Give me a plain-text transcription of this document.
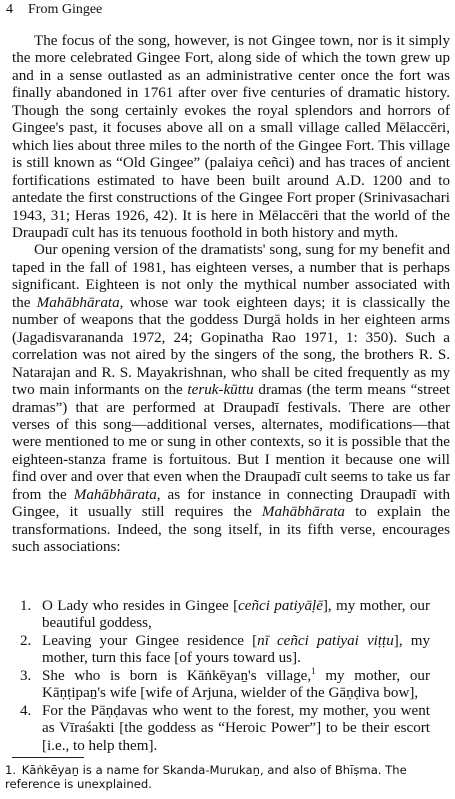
4 From Gingee

The focus of the song, however, is not Gingee town, nor is it simply the more celebrated Gingee Fort, along side of which the town grew up and in a sense outlasted as an administrative center once the fort was finally abandoned in 1761 after over five centuries of dramatic history. Though the song certainly evokes the royal splendors and horrors of Gingee's past, it focuses above all on a small village called Mēlaccēri, which lies about three miles to the north of the Gingee Fort. This village is still known as “Old Gingee” (palaiya ceñci) and has traces of ancient fortifications estimated to have been built around A.D. 1200 and to antedate the first constructions of the Gingee Fort proper (Srinivasachari 1943, 31; Heras 1926, 42). It is here in Mēlaccēri that the world of the Draupadī cult has its tenuous foothold in both history and myth.

Our opening version of the dramatists' song, sung for my benefit and taped in the fall of 1981, has eighteen verses, a number that is perhaps significant. Eighteen is not only the mythical number associated with the Mahābhārata, whose war took eighteen days; it is classically the number of weapons that the goddess Durgā holds in her eighteen arms (Jagadisvarananda 1972, 24; Gopinatha Rao 1971, 1: 350). Such a correlation was not aired by the singers of the song, the brothers R. S. Natarajan and R. S. Mayakrishnan, who shall be cited frequently as my two main informants on the teruk-kūttu dramas (the term means “street dramas”) that are performed at Draupadī festivals. There are other verses of this song—additional verses, alternates, modifications—that were mentioned to me or sung in other contexts, so it is possible that the eighteen-stanza frame is fortuitous. But I mention it because one will find over and over that even when the Draupadī cult seems to take us far from the Mahābhārata, as for instance in connecting Draupadī with Gingee, it usually still requires the Mahābhārata to explain the transformations. Indeed, the song itself, in its fifth verse, encourages such associations:

1. O Lady who resides in Gingee [ceñci patiyāḷē], my mother, our beautiful goddess,
2. Leaving your Gingee residence [nī ceñci patiyai viṭṭu], my mother, turn this face [of yours toward us].
3. She who is born is Kāṅkēyaṉ's village,$^1$ my mother, our Kāṇṭipaṉ's wife [wife of Arjuna, wielder of the Gāṇḍiva bow],
4. For the Pāṇḍavas who went to the forest, my mother, you went as Vīraśakti [the goddess as “Heroic Power”] to be their escort [i.e., to help them].
1. Kāṅkēyaṉ is a name for Skanda-Murukaṉ, and also of Bhīṣma. The reference is unexplained.
